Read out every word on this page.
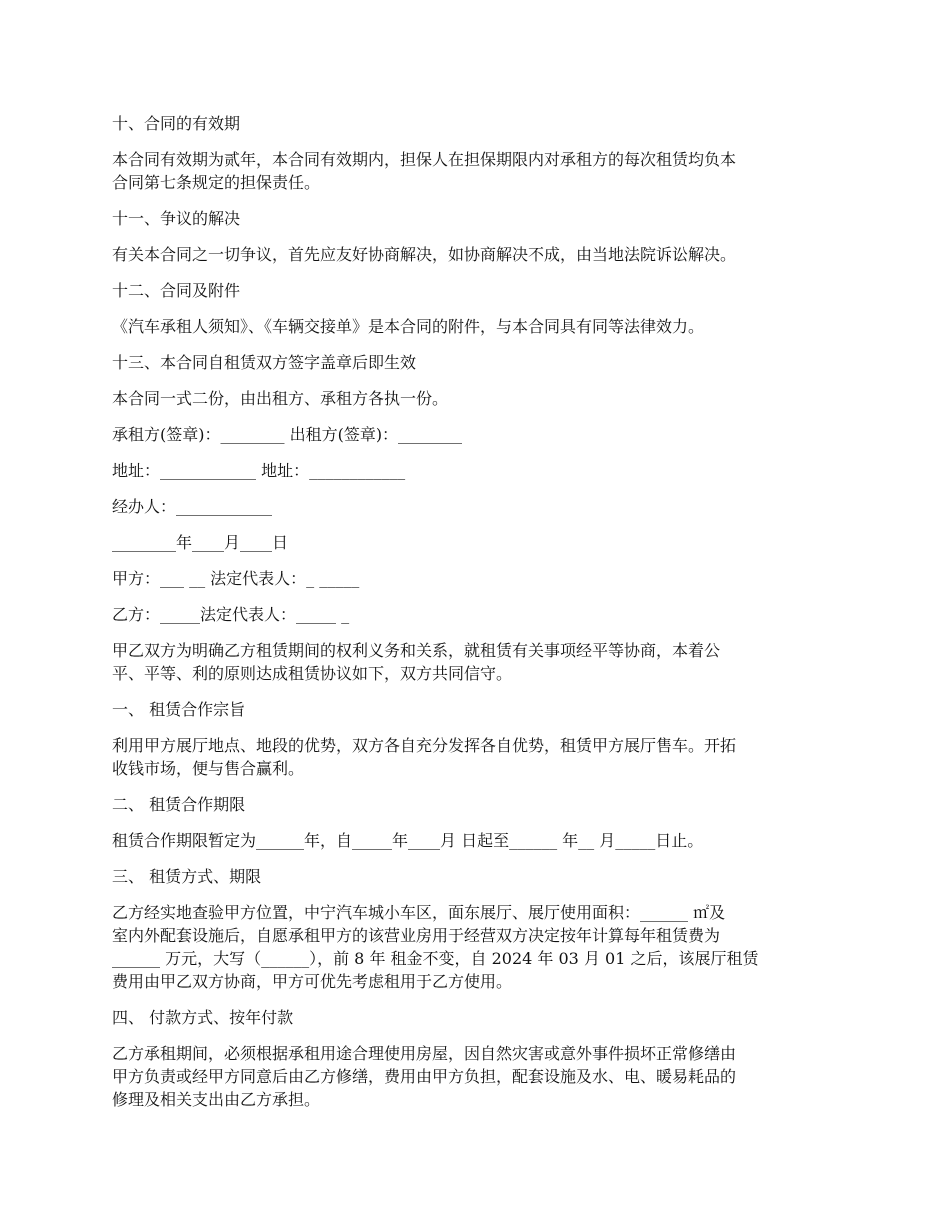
十、合同的有效期

本合同有效期为贰年，本合同有效期内，担保人在担保期限内对承租方的每次租赁均负本

合同第七条规定的担保责任。

十一、争议的解决

有关本合同之一切争议，首先应友好协商解决，如协商解决不成，由当地法院诉讼解决。

十二、合同及附件

《汽车承租人须知》、《车辆交接单》是本合同的附件，与本合同具有同等法律效力。

十三、本合同自租赁双方签字盖章后即生效

本合同一式二份，由出租方、承租方各执一份。

承租方(签章)：________ 出租方(签章)：________

地址：____________ 地址：____________

经办人：____________

________年____月____日

甲方：___ __ 法定代表人：_ _____

乙方：_____法定代表人：_____ _

甲乙双方为明确乙方租赁期间的权利义务和关系，就租赁有关事项经平等协商，本着公

平、平等、利的原则达成租赁协议如下，双方共同信守。

一、 租赁合作宗旨

利用甲方展厅地点、地段的优势，双方各自充分发挥各自优势，租赁甲方展厅售车。开拓

收钱市场，便与售合赢利。

二、 租赁合作期限

租赁合作期限暂定为______年，自_____年____月 日起至______ 年__ 月_____日止。

三、 租赁方式、期限

乙方经实地查验甲方位置，中宁汽车城小车区，面东展厅、展厅使用面积：______ ㎡及

室内外配套设施后，自愿承租甲方的该营业房用于经营双方决定按年计算每年租赁费为

______ 万元，大写（______），前 8 年 租金不变，自 2024 年 03 月 01 之后，该展厅租赁

费用由甲乙双方协商，甲方可优先考虑租用于乙方使用。

四、 付款方式、按年付款

乙方承租期间，必须根据承租用途合理使用房屋，因自然灾害或意外事件损坏正常修缮由

甲方负责或经甲方同意后由乙方修缮，费用由甲方负担，配套设施及水、电、暖易耗品的

修理及相关支出由乙方承担。
